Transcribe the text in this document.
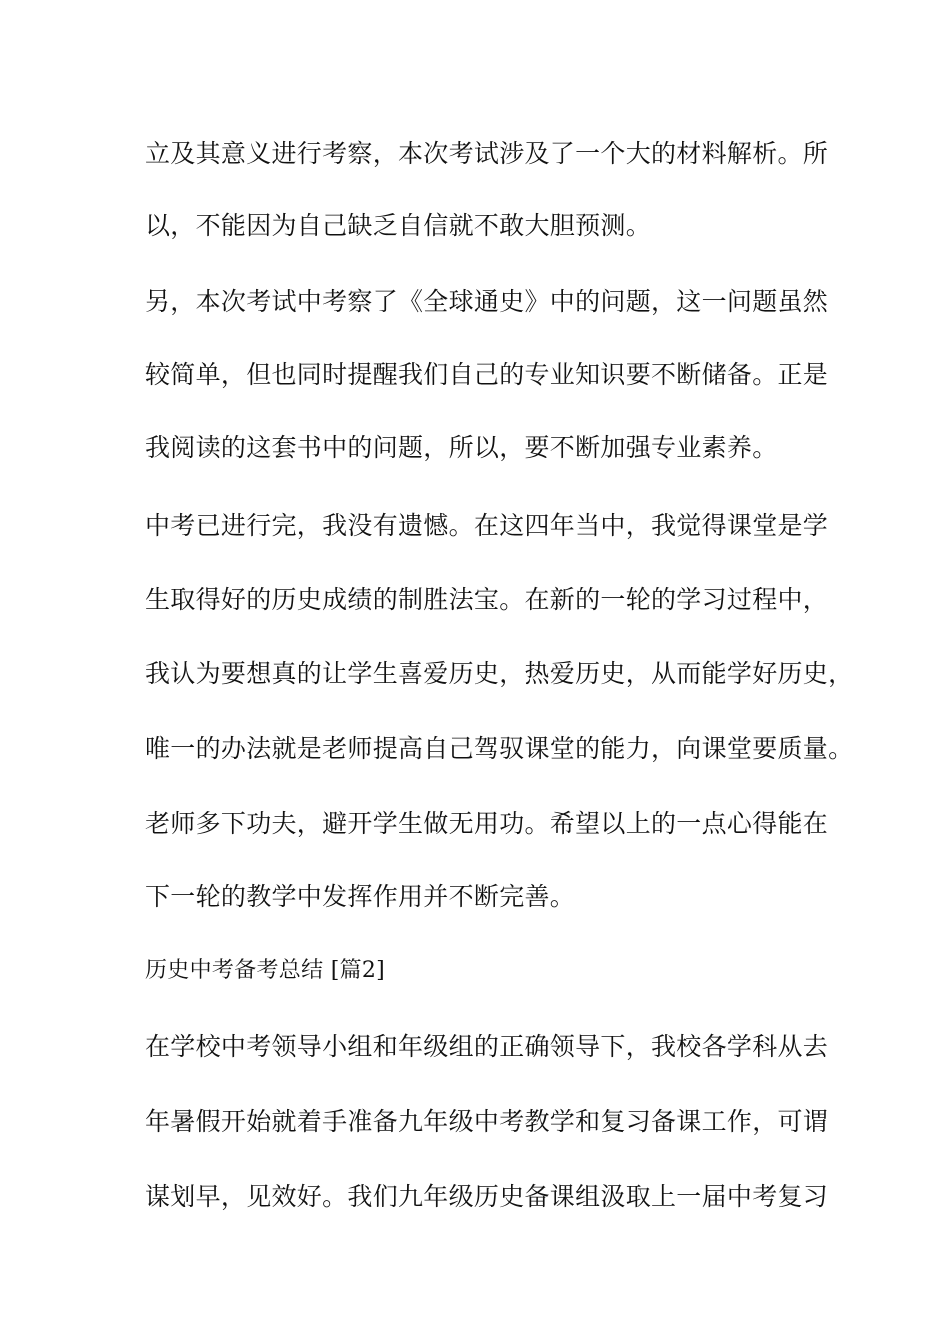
立及其意义进行考察，本次考试涉及了一个大的材料解析。所
以，不能因为自己缺乏自信就不敢大胆预测。
另，本次考试中考察了《全球通史》中的问题，这一问题虽然
较简单，但也同时提醒我们自己的专业知识要不断储备。正是
我阅读的这套书中的问题，所以，要不断加强专业素养。
中考已进行完，我没有遗憾。在这四年当中，我觉得课堂是学
生取得好的历史成绩的制胜法宝。在新的一轮的学习过程中，
我认为要想真的让学生喜爱历史，热爱历史，从而能学好历史，
唯一的办法就是老师提高自己驾驭课堂的能力，向课堂要质量。
老师多下功夫，避开学生做无用功。希望以上的一点心得能在
下一轮的教学中发挥作用并不断完善。
历史中考备考总结 [篇2]
在学校中考领导小组和年级组的正确领导下，我校各学科从去
年暑假开始就着手准备九年级中考教学和复习备课工作，可谓
谋划早，见效好。我们九年级历史备课组汲取上一届中考复习
